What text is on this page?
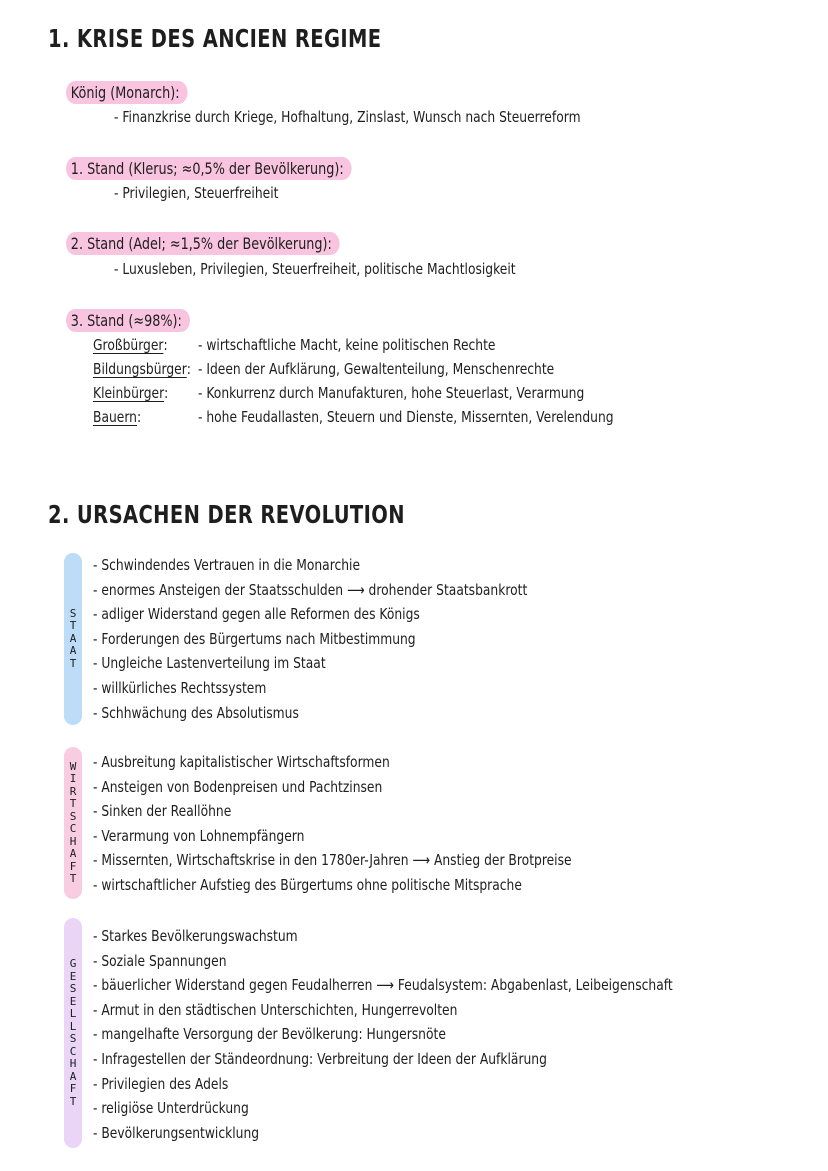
1. KRISE DES ANCIEN REGIME
König (Monarch):
- Finanzkrise durch Kriege, Hofhaltung, Zinslast, Wunsch nach Steuerreform
1. Stand (Klerus; ≈0,5% der Bevölkerung):
- Privilegien, Steuerfreiheit
2. Stand (Adel; ≈1,5% der Bevölkerung):
- Luxusleben, Privilegien, Steuerfreiheit, politische Machtlosigkeit
3. Stand (≈98%):
Großbürger: - wirtschaftliche Macht, keine politischen Rechte
Bildungsbürger: - Ideen der Aufklärung, Gewaltenteilung, Menschenrechte
Kleinbürger: - Konkurrenz durch Manufakturen, hohe Steuerlast, Verarmung
Bauern:	- hohe Feudallasten, Steuern und Dienste, Missernten, Verelendung
2. URSACHEN DER REVOLUTION
S
T
A
A
T
- Schwindendes Vertrauen in die Monarchie
- enormes Ansteigen der Staatsschulden ⟶ drohender Staatsbankrott
- adliger Widerstand gegen alle Reformen des Königs
- Forderungen des Bürgertums nach Mitbestimmung
- Ungleiche Lastenverteilung im Staat
- willkürliches Rechtssystem
- Schhwächung des Absolutismus
W
I
R
T
S
C
H
A
F
T
- Ausbreitung kapitalistischer Wirtschaftsformen
- Ansteigen von Bodenpreisen und Pachtzinsen
- Sinken der Reallöhne
- Verarmung von Lohnempfängern
- Missernten, Wirtschaftskrise in den 1780er-Jahren ⟶ Anstieg der Brotpreise
- wirtschaftlicher Aufstieg des Bürgertums ohne politische Mitsprache
G
E
S
E
L
L
S
C
H
A
F
T
- Starkes Bevölkerungswachstum
- Soziale Spannungen
- bäuerlicher Widerstand gegen Feudalherren ⟶ Feudalsystem: Abgabenlast, Leibeigenschaft
- Armut in den städtischen Unterschichten, Hungerrevolten
- mangelhafte Versorgung der Bevölkerung: Hungersnöte
- Infragestellen der Ständeordnung: Verbreitung der Ideen der Aufklärung
- Privilegien des Adels
- religiöse Unterdrückung
- Bevölkerungsentwicklung
